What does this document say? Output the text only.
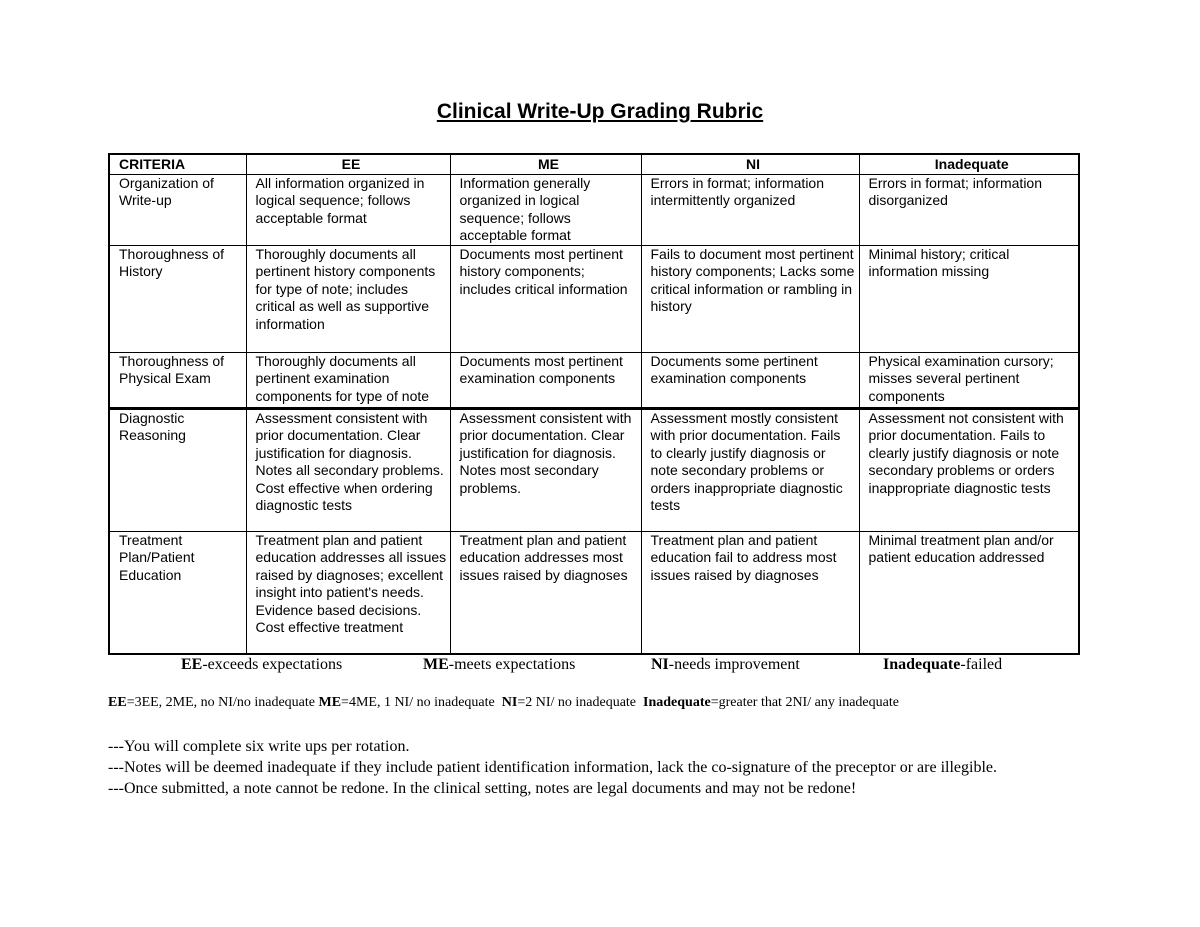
Clinical Write-Up Grading Rubric
CRITERIA	EE	ME	NI	Inadequate
Organization of Write-up	All information organized in logical sequence; follows acceptable format	Information generally organized in logical sequence; follows acceptable format	Errors in format; information intermittently organized	Errors in format; information disorganized
Thoroughness of History	Thoroughly documents all pertinent history components for type of note; includes critical as well as supportive information	Documents most pertinent history components; includes critical information	Fails to document most pertinent history components; Lacks some critical information or rambling in history	Minimal history; critical information missing
Thoroughness of Physical Exam	Thoroughly documents all pertinent examination components for type of note	Documents most pertinent examination components	Documents some pertinent examination components	Physical examination cursory; misses several pertinent components
Diagnostic Reasoning	Assessment consistent with prior documentation. Clear justification for diagnosis. Notes all secondary problems. Cost effective when ordering diagnostic tests	Assessment consistent with prior documentation. Clear justification for diagnosis. Notes most secondary problems.	Assessment mostly consistent with prior documentation. Fails to clearly justify diagnosis or note secondary problems or orders inappropriate diagnostic tests	Assessment not consistent with prior documentation. Fails to clearly justify diagnosis or note secondary problems or orders inappropriate diagnostic tests
Treatment Plan/Patient Education	Treatment plan and patient education addresses all issues raised by diagnoses; excellent insight into patient's needs. Evidence based decisions. Cost effective treatment	Treatment plan and patient education addresses most issues raised by diagnoses	Treatment plan and patient education fail to address most issues raised by diagnoses	Minimal treatment plan and/or patient education addressed
EE-exceeds expectations	ME-meets expectations	NI-needs improvement	Inadequate-failed

EE=3EE, 2ME, no NI/no inadequate ME=4ME, 1 NI/ no inadequate  NI=2 NI/ no inadequate  Inadequate=greater that 2NI/ any inadequate

---You will complete six write ups per rotation.

---Notes will be deemed inadequate if they include patient identification information, lack the co-signature of the preceptor or are illegible.

---Once submitted, a note cannot be redone. In the clinical setting, notes are legal documents and may not be redone!
